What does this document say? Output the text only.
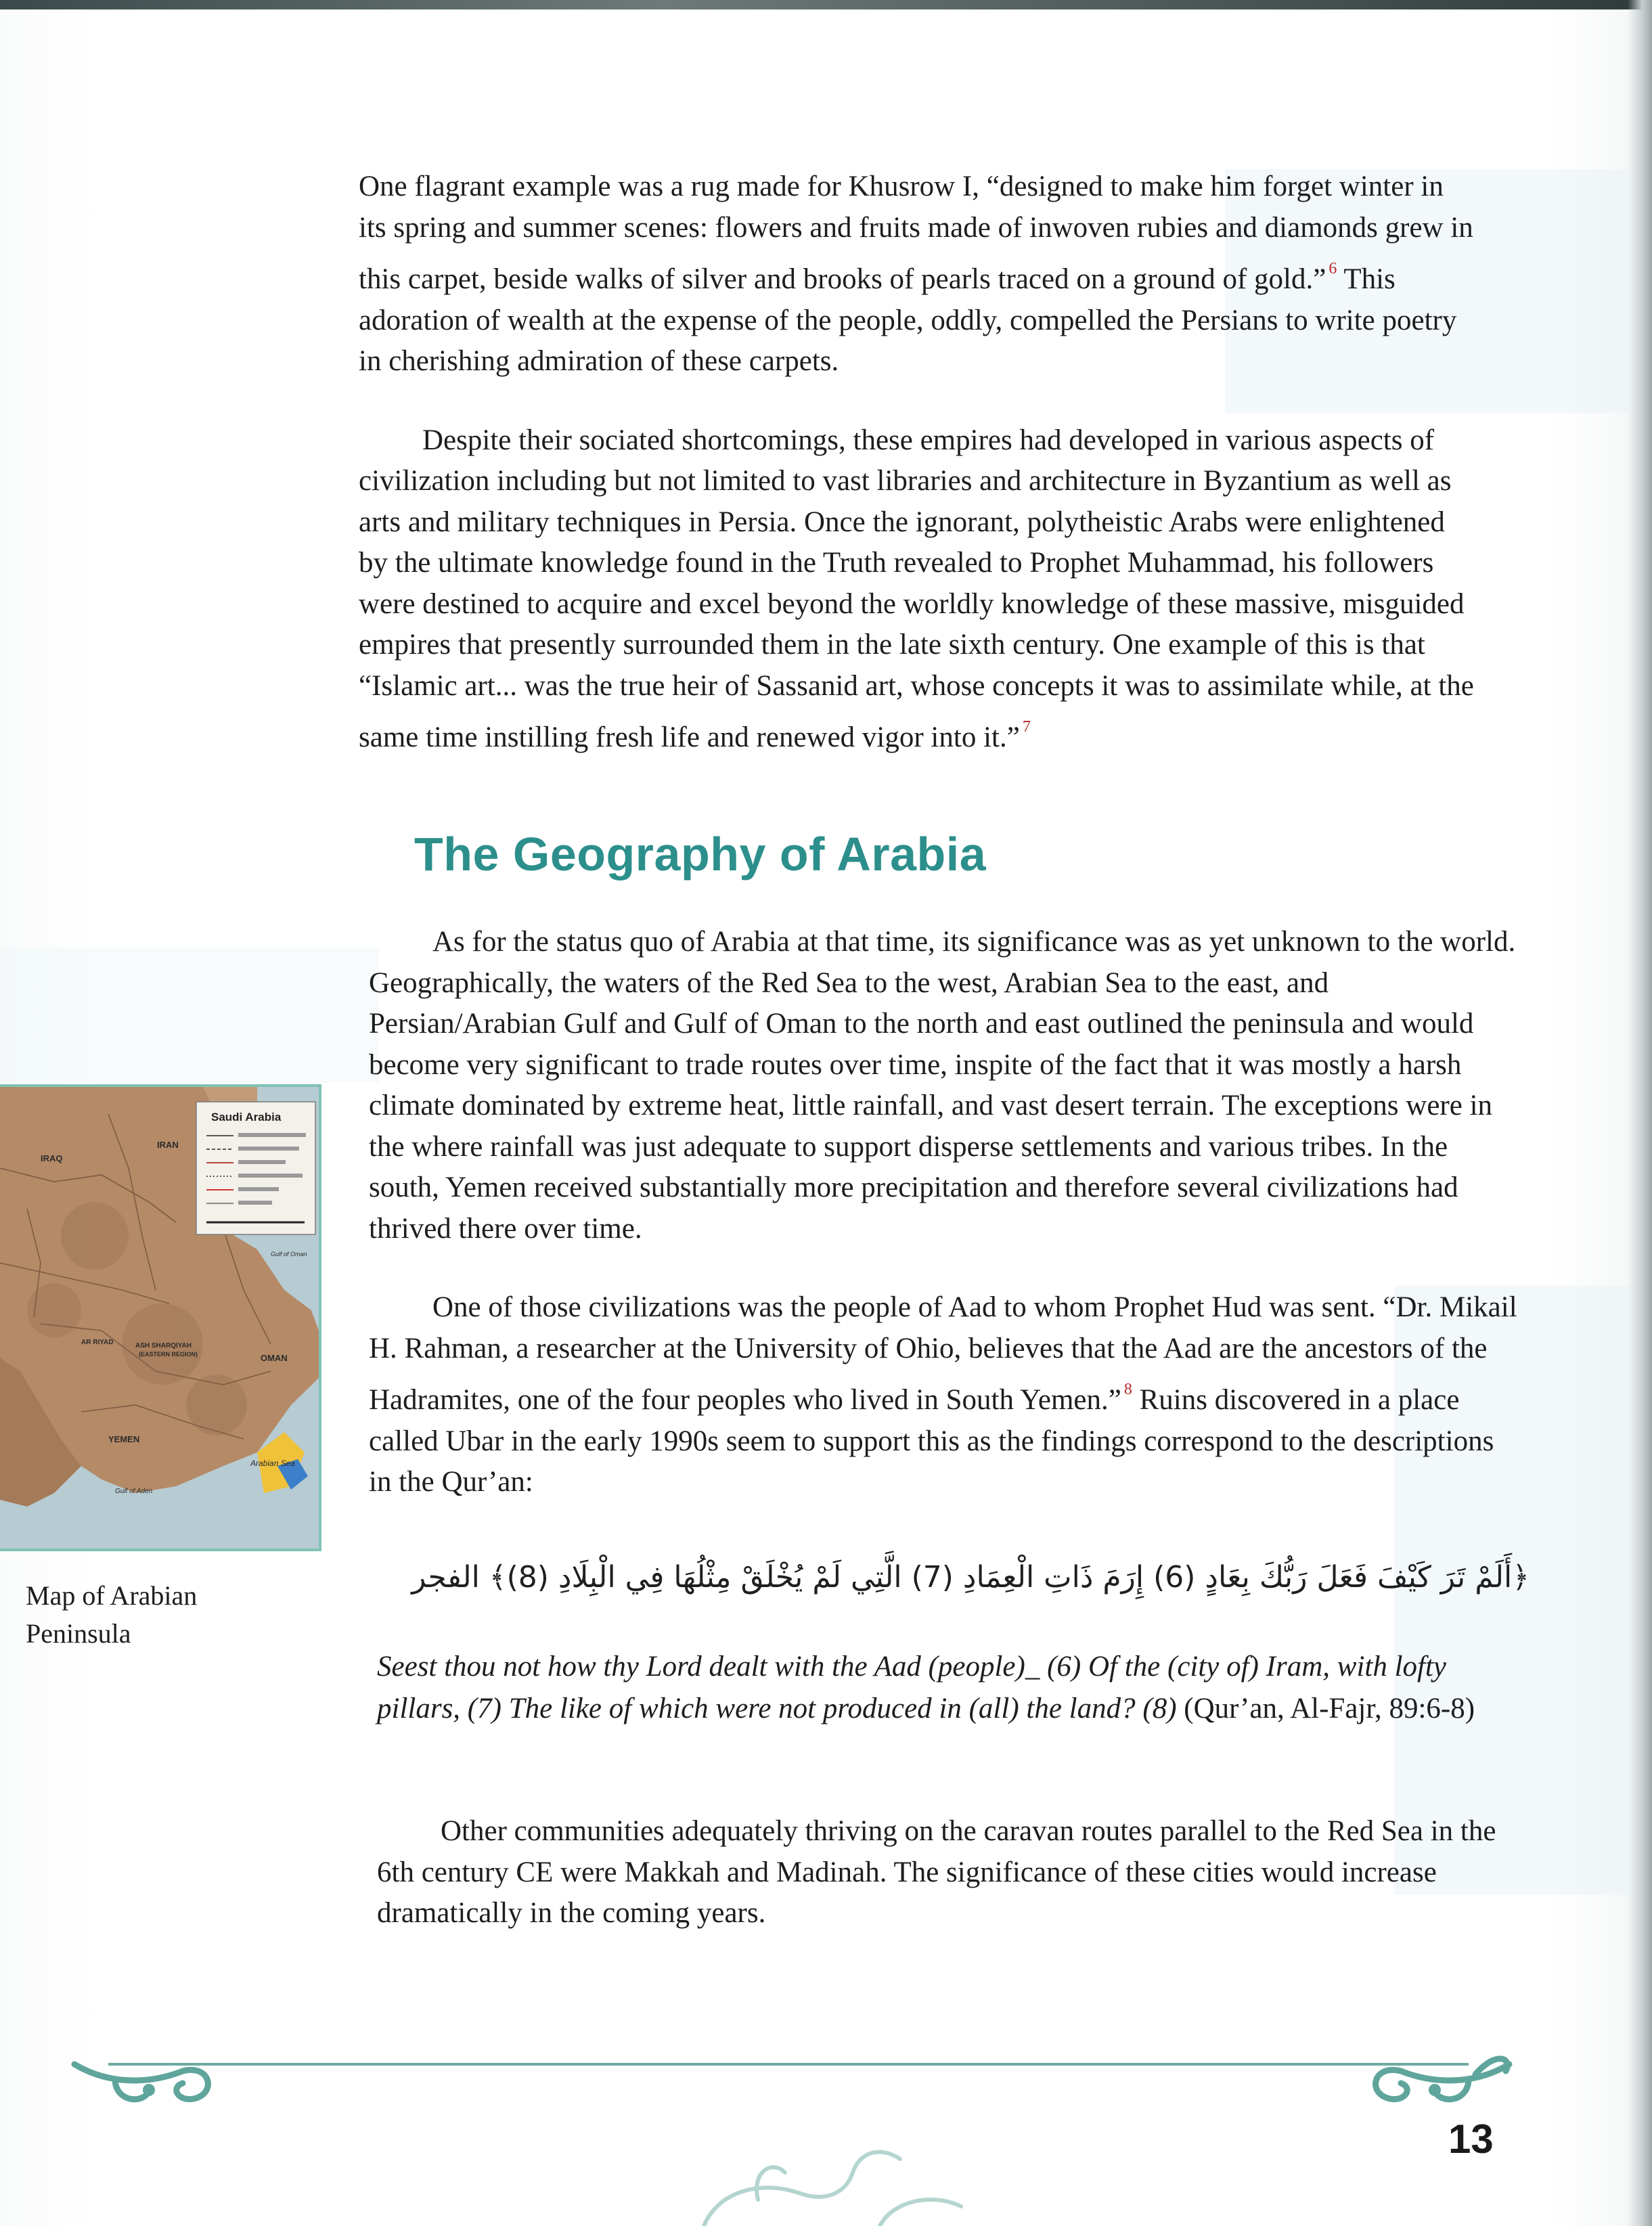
One flagrant example was a rug made for Khusrow I, “designed to make him forget winter in its spring and summer scenes: flowers and fruits made of inwoven rubies and diamonds grew in this carpet, beside walks of silver and brooks of pearls traced on a ground of gold.” $^6$ This adoration of wealth at the expense of the people, oddly, compelled the Persians to write poetry in cherishing admiration of these carpets.

Despite their sociated shortcomings, these empires had developed in various aspects of civilization including but not limited to vast libraries and architecture in Byzantium as well as arts and military techniques in Persia. Once the ignorant, polytheistic Arabs were enlightened by the ultimate knowledge found in the Truth revealed to Prophet Muhammad, his followers were destined to acquire and excel beyond the worldly knowledge of these massive, misguided empires that presently surrounded them in the late sixth century. One example of this is that “Islamic art... was the true heir of Sassanid art, whose concepts it was to assimilate while, at the same time instilling fresh life and renewed vigor into it.” $^7$

The Geography of Arabia

As for the status quo of Arabia at that time, its significance was as yet unknown to the world. Geographically, the waters of the Red Sea to the west, Arabian Sea to the east, and Persian/Arabian Gulf and Gulf of Oman to the north and east outlined the peninsula and would become very significant to trade routes over time, inspite of the fact that it was mostly a harsh climate dominated by extreme heat, little rainfall, and vast desert terrain. The exceptions were in the where rainfall was just adequate to support disperse settlements and various tribes. In the south, Yemen received substantially more precipitation and therefore several civilizations had thrived there over time.

One of those civilizations was the people of Aad to whom Prophet Hud was sent. “Dr. Mikail H. Rahman, a researcher at the University of Ohio, believes that the Aad are the ancestors of the Hadramites, one of the four peoples who lived in South Yemen.” $^8$ Ruins discovered in a place called Ubar in the early 1990s seem to support this as the findings correspond to the descriptions in the Qur’an:

﴿أَلَمْ تَرَ كَيْفَ فَعَلَ رَبُّكَ بِعَادٍ (6) إِرَمَ ذَاتِ الْعِمَادِ (7) الَّتِي لَمْ يُخْلَقْ مِثْلُهَا فِي الْبِلَادِ (8)﴾ الفجر
Seest thou not how thy Lord dealt with the Aad (people)_ (6) Of the (city of) Iram, with lofty pillars, (7) The like of which were not produced in (all) the land? (8) (Qur’an, Al-Fajr, 89:6-8)

Other communities adequately thriving on the caravan routes parallel to the Red Sea in the 6th century CE were Makkah and Madinah. The significance of these cities would increase dramatically in the coming years.

Saudi Arabia
IRAN
IRAQ
AR RIYAD	ASH SHARQIYAH
(EASTERN REGION)	OMAN
YEMEN
Arabian Sea
Gulf of Aden
Gulf of Oman
Map of Arabian Peninsula
13
